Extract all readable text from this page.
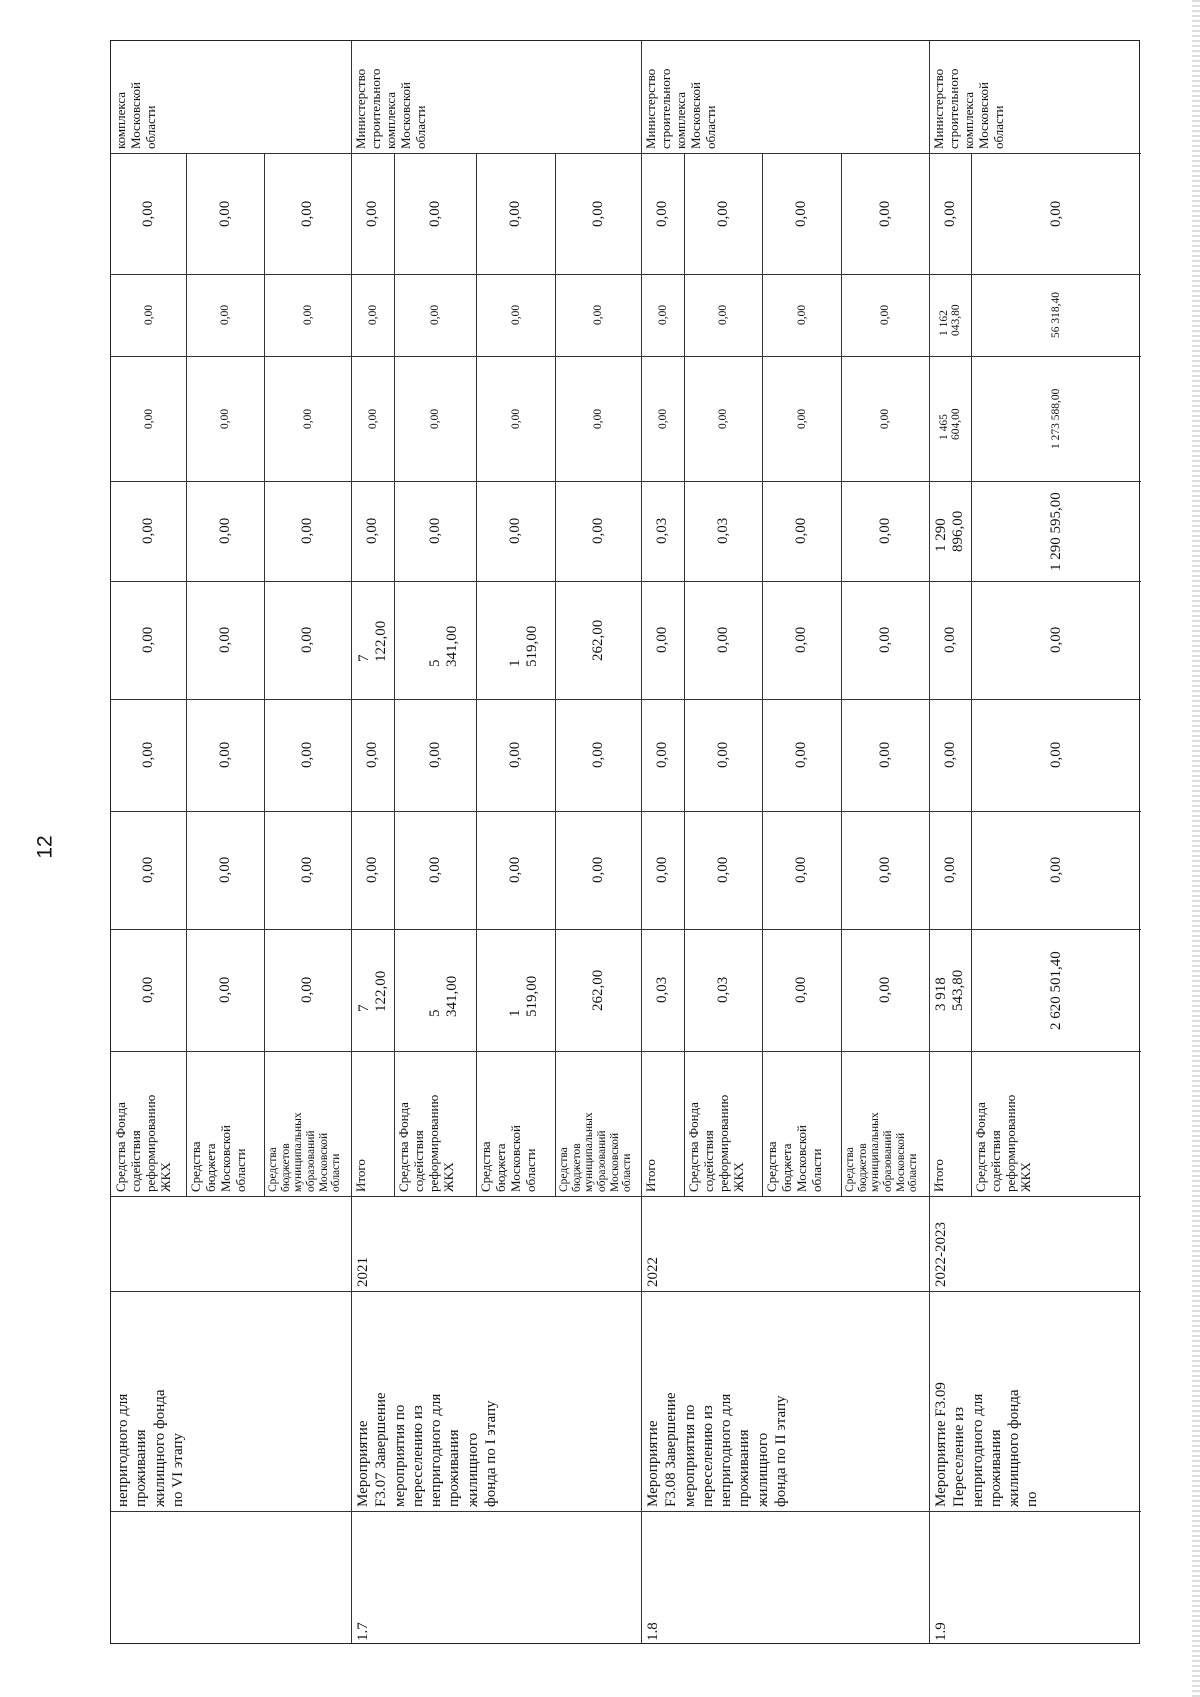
12
непригодного для
проживания
жилищного фонда
по VI этапу
комплекса
Московской
области
Средства Фонда
содействия
реформированию
ЖКХ
0,00
0,00
0,00
0,00
0,00
0,00
0,00
0,00
Средства
бюджета
Московской
области
0,00
0,00
0,00
0,00
0,00
0,00
0,00
0,00
Средства бюджетов
муниципальных
образований
Московской
области
0,00
0,00
0,00
0,00
0,00
0,00
0,00
0,00
1.7
Мероприятие
F3.07 Завершение
мероприятия по
переселению из
непригодного для
проживания
жилищного
фонда по I этапу
2021
Министерство
строительного
комплекса
Московской
области
Итого
7 122,00
0,00
0,00
7 122,00
0,00
0,00
0,00
0,00
Средства Фонда
содействия
реформированию
ЖКХ
5 341,00
0,00
0,00
5 341,00
0,00
0,00
0,00
0,00
Средства
бюджета
Московской
области
1 519,00
0,00
0,00
1 519,00
0,00
0,00
0,00
0,00
Средства бюджетов
муниципальных
образований
Московской
области
262,00
0,00
0,00
262,00
0,00
0,00
0,00
0,00
1.8
Мероприятие
F3.08 Завершение
мероприятия по
переселению из
непригодного для
проживания
жилищного
фонда по II этапу
2022
Министерство
строительного
комплекса
Московской
области
Итого
0,03
0,00
0,00
0,00
0,03
0,00
0,00
0,00
Средства Фонда
содействия
реформированию
ЖКХ
0,03
0,00
0,00
0,00
0,03
0,00
0,00
0,00
Средства
бюджета
Московской
области
0,00
0,00
0,00
0,00
0,00
0,00
0,00
0,00
Средства бюджетов
муниципальных
образований
Московской
области
0,00
0,00
0,00
0,00
0,00
0,00
0,00
0,00
1.9
Мероприятие F3.09
Переселение из
непригодного для
проживания
жилищного фонда
по
2022-2023
Министерство
строительного
комплекса
Московской
области
Итого
3 918 543,80
0,00
0,00
0,00
1 290 896,00
1 465 604,00
1 162 043,80
0,00
Средства Фонда
содействия
реформированию
ЖКХ
2 620 501,40
0,00
0,00
0,00
1 290 595,00
1 273 588,00
56 318,40
0,00
